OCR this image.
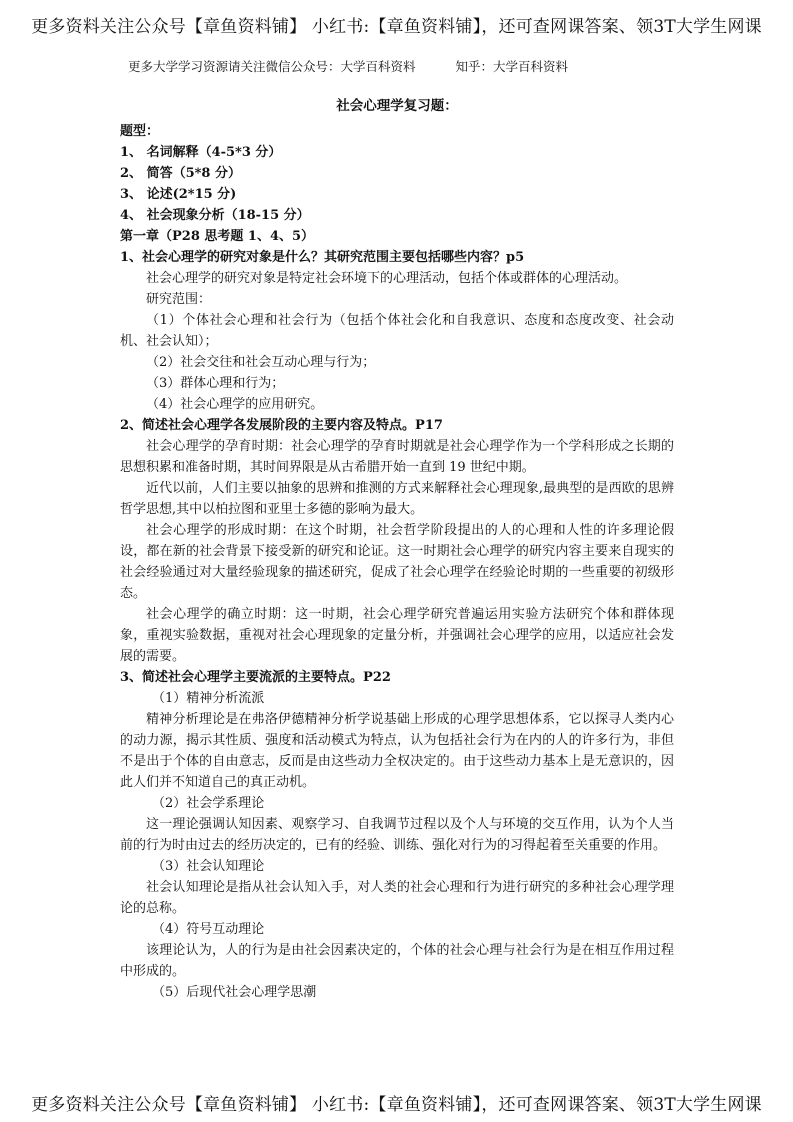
更多资料关注公众号【章鱼资料铺】 小红书:【章鱼资料铺】，还可查网课答案、领3T大学生网课
更多大学学习资源请关注微信公众号：大学百科资料	知乎：大学百科资料
社会心理学复习题：
题型：
1、 名词解释（4-5*3 分）
2、 简答（5*8 分）
3、 论述(2*15 分)
4、 社会现象分析（18-15 分）
第一章（P28 思考题 1、4、5）
1、社会心理学的研究对象是什么？其研究范围主要包括哪些内容？p5
社会心理学的研究对象是特定社会环境下的心理活动，包括个体或群体的心理活动。
研究范围：
（1）个体社会心理和社会行为（包括个体社会化和自我意识、态度和态度改变、社会动机、社会认知）；
（2）社会交往和社会互动心理与行为；
（3）群体心理和行为；
（4）社会心理学的应用研究。
2、简述社会心理学各发展阶段的主要内容及特点。P17
社会心理学的孕育时期：社会心理学的孕育时期就是社会心理学作为一个学科形成之长期的思想积累和准备时期，其时间界限是从古希腊开始一直到 19 世纪中期。
近代以前，人们主要以抽象的思辨和推测的方式来解释社会心理现象,最典型的是西欧的思辨哲学思想,其中以柏拉图和亚里士多德的影响为最大。
社会心理学的形成时期：在这个时期，社会哲学阶段提出的人的心理和人性的许多理论假设，都在新的社会背景下接受新的研究和论证。这一时期社会心理学的研究内容主要来自现实的社会经验通过对大量经验现象的描述研究，促成了社会心理学在经验论时期的一些重要的初级形态。
社会心理学的确立时期：这一时期，社会心理学研究普遍运用实验方法研究个体和群体现象，重视实验数据，重视对社会心理现象的定量分析，并强调社会心理学的应用，以适应社会发展的需要。
3、简述社会心理学主要流派的主要特点。P22
（1）精神分析流派
精神分析理论是在弗洛伊德精神分析学说基础上形成的心理学思想体系，它以探寻人类内心的动力源，揭示其性质、强度和活动模式为特点，认为包括社会行为在内的人的许多行为，非但不是出于个体的自由意志，反而是由这些动力全权决定的。由于这些动力基本上是无意识的，因此人们并不知道自己的真正动机。
（2）社会学系理论
这一理论强调认知因素、观察学习、自我调节过程以及个人与环境的交互作用，认为个人当前的行为时由过去的经历决定的，已有的经验、训练、强化对行为的习得起着至关重要的作用。
（3）社会认知理论
社会认知理论是指从社会认知入手，对人类的社会心理和行为进行研究的多种社会心理学理论的总称。
（4）符号互动理论
该理论认为，人的行为是由社会因素决定的，个体的社会心理与社会行为是在相互作用过程中形成的。
（5）后现代社会心理学思潮
更多资料关注公众号【章鱼资料铺】 小红书:【章鱼资料铺】，还可查网课答案、领3T大学生网课
